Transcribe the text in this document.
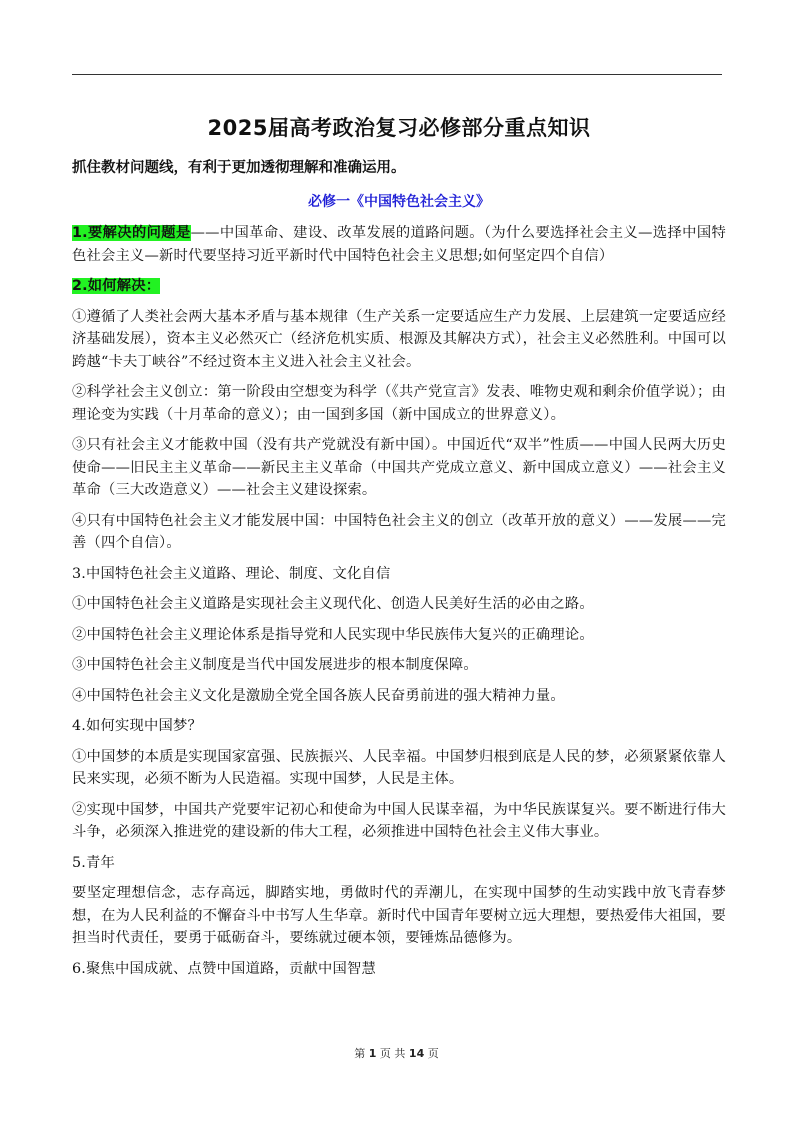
2025届高考政治复习必修部分重点知识
抓住教材问题线，有利于更加透彻理解和准确运用。
必修一《中国特色社会主义》

1.要解决的问题是——中国革命、建设、改革发展的道路问题。（为什么要选择社会主义—选择中国特色社会主义—新时代要坚持习近平新时代中国特色社会主义思想;如何坚定四个自信）

2.如何解决：

①遵循了人类社会两大基本矛盾与基本规律（生产关系一定要适应生产力发展、上层建筑一定要适应经济基础发展），资本主义必然灭亡（经济危机实质、根源及其解决方式），社会主义必然胜利。中国可以跨越“卡夫丁峡谷”不经过资本主义进入社会主义社会。

②科学社会主义创立：第一阶段由空想变为科学（《共产党宣言》发表、唯物史观和剩余价值学说）；由理论变为实践（十月革命的意义）；由一国到多国（新中国成立的世界意义）。

③只有社会主义才能救中国（没有共产党就没有新中国）。中国近代“双半”性质——中国人民两大历史使命——旧民主主义革命——新民主主义革命（中国共产党成立意义、新中国成立意义）——社会主义革命（三大改造意义）——社会主义建设探索。

④只有中国特色社会主义才能发展中国：中国特色社会主义的创立（改革开放的意义）——发展——完善（四个自信）。

3.中国特色社会主义道路、理论、制度、文化自信

①中国特色社会主义道路是实现社会主义现代化、创造人民美好生活的必由之路。

②中国特色社会主义理论体系是指导党和人民实现中华民族伟大复兴的正确理论。

③中国特色社会主义制度是当代中国发展进步的根本制度保障。

④中国特色社会主义文化是激励全党全国各族人民奋勇前进的强大精神力量。

4.如何实现中国梦？

①中国梦的本质是实现国家富强、民族振兴、人民幸福。中国梦归根到底是人民的梦，必须紧紧依靠人民来实现，必须不断为人民造福。实现中国梦，人民是主体。

②实现中国梦，中国共产党要牢记初心和使命为中国人民谋幸福，为中华民族谋复兴。要不断进行伟大斗争，必须深入推进党的建设新的伟大工程，必须推进中国特色社会主义伟大事业。

5.青年

要坚定理想信念，志存高远，脚踏实地，勇做时代的弄潮儿，在实现中国梦的生动实践中放飞青春梦想，在为人民利益的不懈奋斗中书写人生华章。新时代中国青年要树立远大理想，要热爱伟大祖国，要担当时代责任，要勇于砥砺奋斗，要练就过硬本领，要锤炼品德修为。

6.聚焦中国成就、点赞中国道路，贡献中国智慧

第 1 页 共 14 页
